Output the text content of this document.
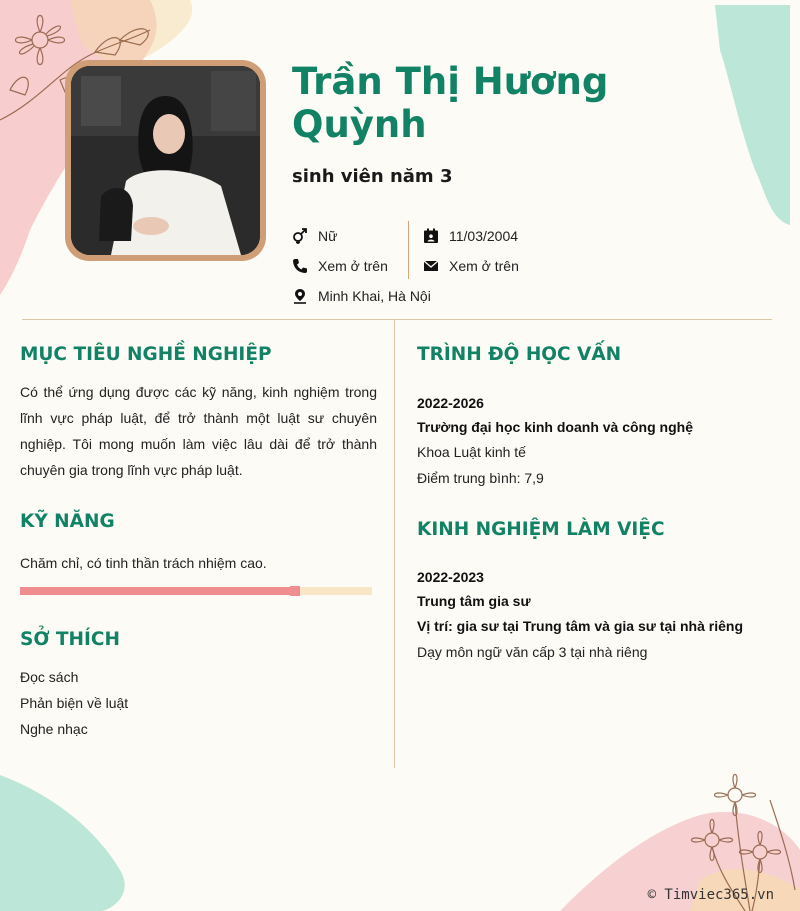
Trần Thị Hương Quỳnh

sinh viên năm 3

Nữ
Xem ở trên
Minh Khai, Hà Nội
11/03/2004
Xem ở trên
MỤC TIÊU NGHỀ NGHIỆP

Có thể ứng dụng được các kỹ năng, kinh nghiệm trong lĩnh vực pháp luật, để trở thành một luật sư chuyên nghiệp. Tôi mong muốn làm việc lâu dài để trở thành chuyên gia trong lĩnh vực pháp luật.

KỸ NĂNG

Chăm chỉ, có tinh thần trách nhiệm cao.

SỞ THÍCH
Đọc sách
Phản biện về luật
Nghe nhạc
TRÌNH ĐỘ HỌC VẤN

2022-2026

Trường đại học kinh doanh và công nghệ

Khoa Luật kinh tế

Điểm trung bình: 7,9

KINH NGHIỆM LÀM VIỆC

2022-2023

Trung tâm gia sư

Vị trí: gia sư tại Trung tâm và gia sư tại nhà riêng

Dạy môn ngữ văn cấp 3 tại nhà riêng

© Timviec365.vn
